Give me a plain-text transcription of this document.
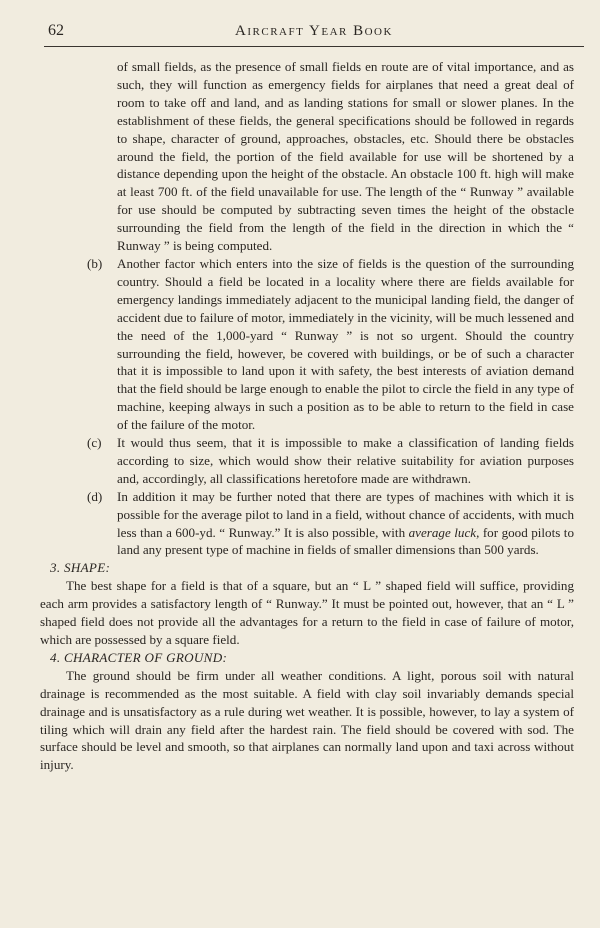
62	Aircraft Year Book
of small fields, as the presence of small fields en route are of vital importance, and as such, they will function as emergency fields for airplanes that need a great deal of room to take off and land, and as landing stations for small or slower planes. In the establishment of these fields, the general specifications should be followed in regards to shape, character of ground, approaches, obstacles, etc. Should there be obstacles around the field, the portion of the field available for use will be shortened by a distance depending upon the height of the obstacle. An obstacle 100 ft. high will make at least 700 ft. of the field unavailable for use. The length of the “ Runway ” available for use should be computed by subtracting seven times the height of the obstacle surrounding the field from the length of the field in the direction in which the “ Runway ” is being computed.
(b) Another factor which enters into the size of fields is the question of the surrounding country. Should a field be located in a locality where there are fields available for emergency landings immediately adjacent to the municipal landing field, the danger of accident due to failure of motor, immediately in the vicinity, will be much lessened and the need of the 1,000-yard “ Runway ” is not so urgent. Should the country surrounding the field, however, be covered with buildings, or be of such a character that it is impossible to land upon it with safety, the best interests of aviation demand that the field should be large enough to enable the pilot to circle the field in any type of machine, keeping always in such a position as to be able to return to the field in case of the failure of the motor.
(c) It would thus seem, that it is impossible to make a classification of landing fields according to size, which would show their relative suitability for aviation purposes and, accordingly, all classifications heretofore made are withdrawn.
(d) In addition it may be further noted that there are types of machines with which it is possible for the average pilot to land in a field, without chance of accidents, with much less than a 600-yd. “ Runway.” It is also possible, with average luck, for good pilots to land any present type of machine in fields of smaller dimensions than 500 yards.
3. SHAPE:
The best shape for a field is that of a square, but an “ L ” shaped field will suffice, providing each arm provides a satisfactory length of “ Runway.” It must be pointed out, however, that an “ L ” shaped field does not provide all the advantages for a return to the field in case of failure of motor, which are possessed by a square field.
4. CHARACTER OF GROUND:
The ground should be firm under all weather conditions. A light, porous soil with natural drainage is recommended as the most suitable. A field with clay soil invariably demands special drainage and is unsatisfactory as a rule during wet weather. It is possible, however, to lay a system of tiling which will drain any field after the hardest rain. The field should be covered with sod. The surface should be level and smooth, so that airplanes can normally land upon and taxi across without injury.
